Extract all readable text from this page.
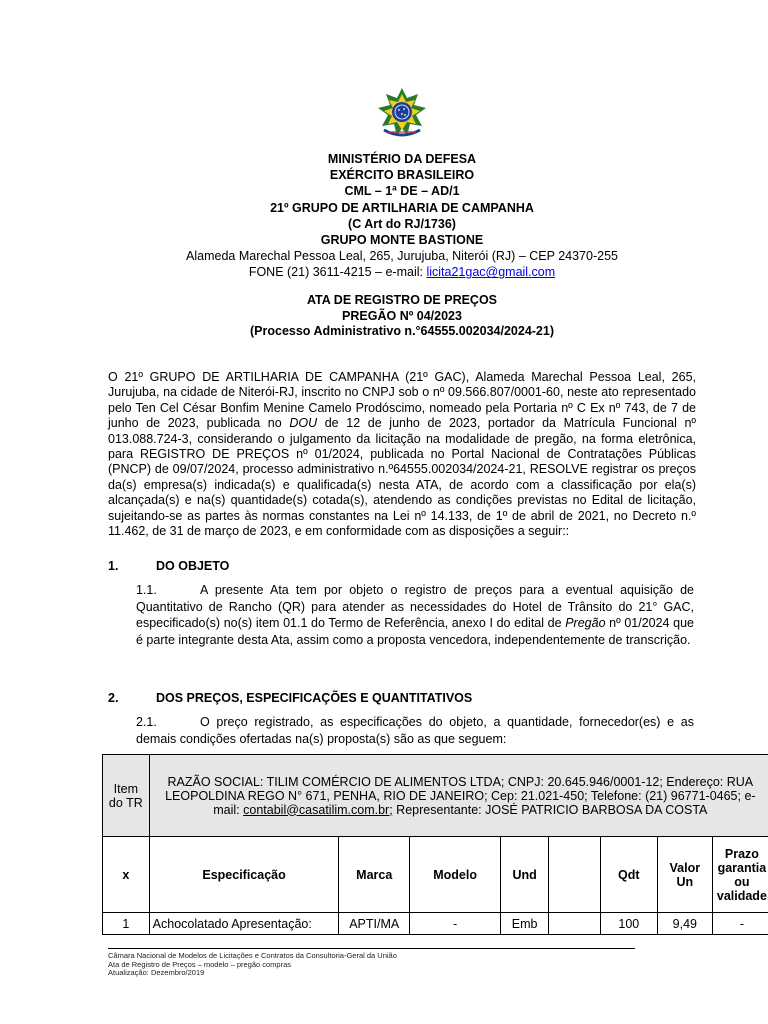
MINISTÉRIO DA DEFESA
EXÉRCITO BRASILEIRO
CML – 1ª DE – AD/1
21º GRUPO DE ARTILHARIA DE CAMPANHA
(C Art do RJ/1736)
GRUPO MONTE BASTIONE
Alameda Marechal Pessoa Leal, 265, Jurujuba, Niterói (RJ) – CEP 24370-255
FONE (21) 3611-4215 – e-mail: licita21gac@gmail.com
ATA DE REGISTRO DE PREÇOS
PREGÃO Nº 04/2023
(Processo Administrativo n.°64555.002034/2024-21)
O 21º GRUPO DE ARTILHARIA DE CAMPANHA (21º GAC), Alameda Marechal Pessoa Leal, 265, Jurujuba, na cidade de Niterói-RJ, inscrito no CNPJ sob o nº 09.566.807/0001-60, neste ato representado pelo Ten Cel César Bonfim Menine Camelo Prodóscimo, nomeado pela Portaria nº C Ex nº 743, de 7 de junho de 2023, publicada no DOU de 12 de junho de 2023, portador da Matrícula Funcional nº 013.088.724-3, considerando o julgamento da licitação na modalidade de pregão, na forma eletrônica, para REGISTRO DE PREÇOS nº 01/2024, publicada no Portal Nacional de Contratações Públicas (PNCP) de 09/07/2024, processo administrativo n.º64555.002034/2024-21, RESOLVE registrar os preços da(s) empresa(s) indicada(s) e qualificada(s) nesta ATA, de acordo com a classificação por ela(s) alcançada(s) e na(s) quantidade(s) cotada(s), atendendo as condições previstas no Edital de licitação, sujeitando-se as partes às normas constantes na Lei nº 14.133, de 1º de abril de 2021, no Decreto n.º 11.462, de 31 de março de 2023, e em conformidade com as disposições a seguir::
1.	DO OBJETO
1.1.	A presente Ata tem por objeto o registro de preços para a eventual aquisição de Quantitativo de Rancho (QR) para atender as necessidades do Hotel de Trânsito do 21° GAC, especificado(s) no(s) item 01.1 do Termo de Referência, anexo I do edital de Pregão nº 01/2024 que é parte integrante desta Ata, assim como a proposta vencedora, independentemente de transcrição.
2.	DOS PREÇOS, ESPECIFICAÇÕES E QUANTITATIVOS
2.1.	O preço registrado, as especificações do objeto, a quantidade, fornecedor(es) e as demais condições ofertadas na(s) proposta(s) são as que seguem:
Item do TR	RAZÃO SOCIAL: TILIM COMÉRCIO DE ALIMENTOS LTDA; CNPJ: 20.645.946/0001-12; Endereço: RUA LEOPOLDINA REGO N° 671, PENHA, RIO DE JANEIRO; Cep: 21.021-450; Telefone: (21) 96771-0465; e-mail: contabil@casatilim.com.br; Representante: JOSÉ PATRICIO BARBOSA DA COSTA							
x	Especificação	Marca	Modelo	Und		Qdt	Valor Un	Prazo garantia ou validade
1	Achocolatado Apresentação:	APTI/MA	-	Emb		100	9,49	-
Câmara Nacional de Modelos de Licitações e Contratos da Consultoria-Geral da União
Ata de Registro de Preços – modelo – pregão compras
Atualização: Dezembro/2019
